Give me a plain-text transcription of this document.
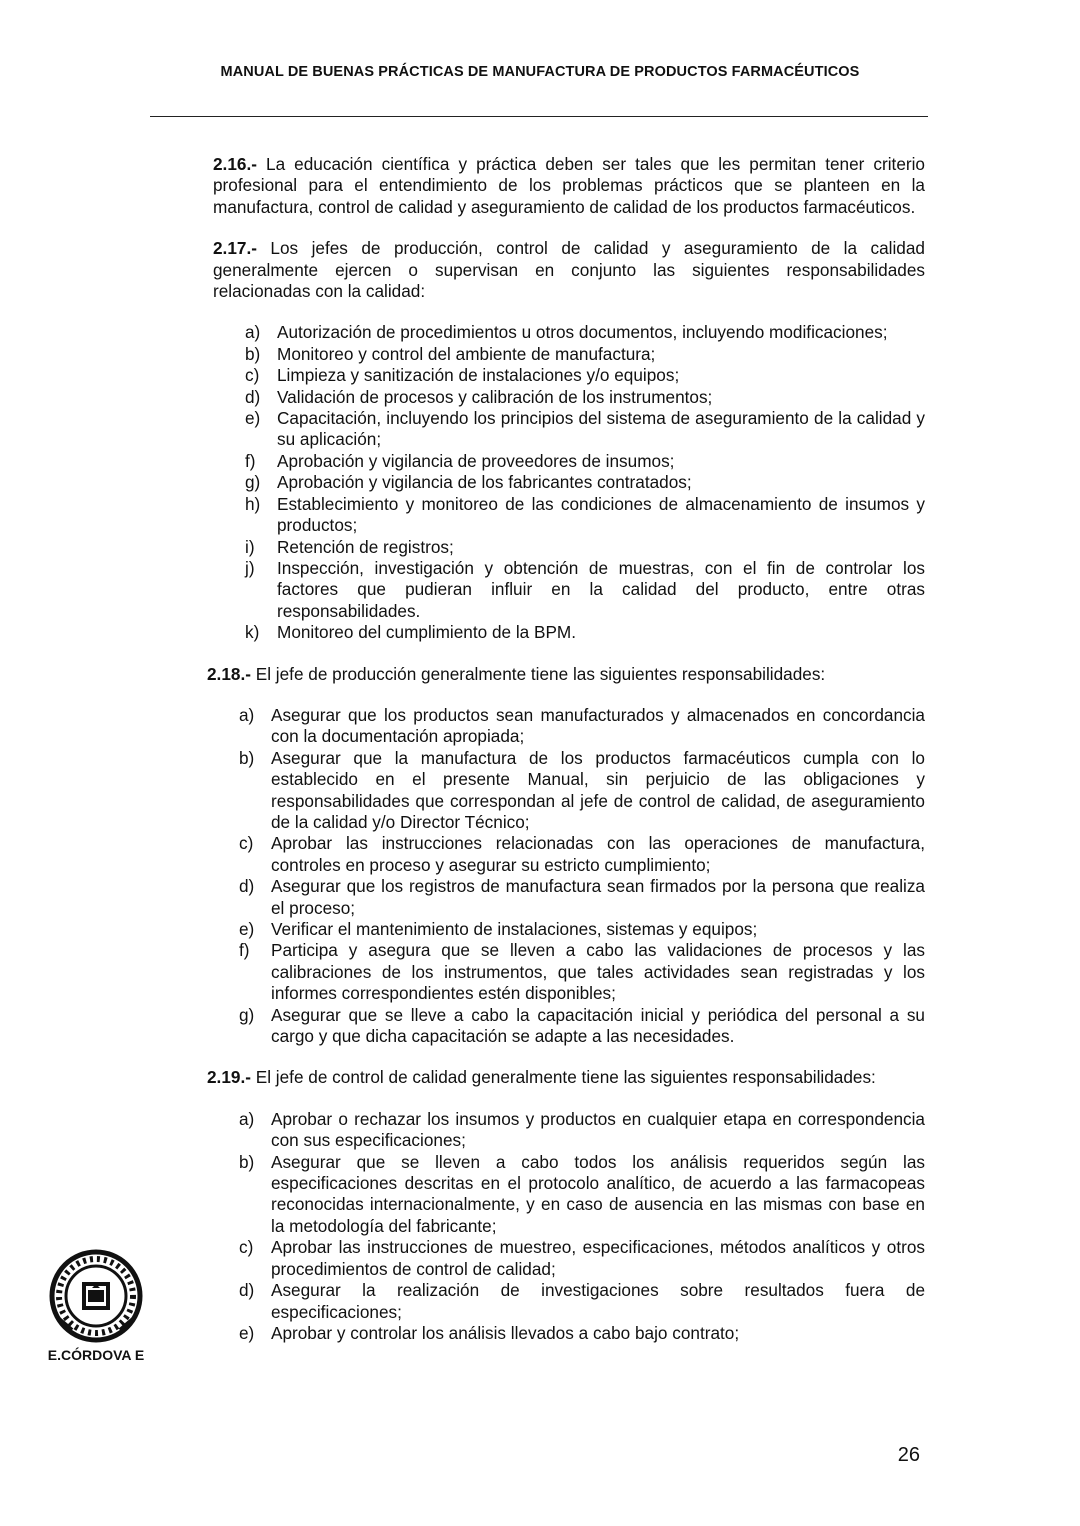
MANUAL DE BUENAS PRÁCTICAS DE MANUFACTURA DE PRODUCTOS FARMACÉUTICOS

2.16.- La educación científica y práctica deben ser tales que les permitan tener criterio profesional para el entendimiento de los problemas prácticos que se planteen en la manufactura, control de calidad y aseguramiento de calidad de los productos farmacéuticos.

2.17.- Los jefes de producción, control de calidad y aseguramiento de la calidad generalmente ejercen o supervisan en conjunto las siguientes responsabilidades relacionadas con la calidad:

a) Autorización de procedimientos u otros documentos, incluyendo modificaciones;
b) Monitoreo y control del ambiente de manufactura;
c) Limpieza y sanitización de instalaciones y/o equipos;
d) Validación de procesos y calibración de los instrumentos;
e) Capacitación, incluyendo los principios del sistema de aseguramiento de la calidad y su aplicación;
f) Aprobación y vigilancia de proveedores de insumos;
g) Aprobación y vigilancia de los fabricantes contratados;
h) Establecimiento y monitoreo de las condiciones de almacenamiento de insumos y productos;
i) Retención de registros;
j) Inspección, investigación y obtención de muestras, con el fin de controlar los factores que pudieran influir en la calidad del producto, entre otras responsabilidades.
k) Monitoreo del cumplimiento de la BPM.

2.18.- El jefe de producción generalmente tiene las siguientes responsabilidades:

a) Asegurar que los productos sean manufacturados y almacenados en concordancia con la documentación apropiada;
b) Asegurar que la manufactura de los productos farmacéuticos cumpla con lo establecido en el presente Manual, sin perjuicio de las obligaciones y responsabilidades que correspondan al jefe de control de calidad, de aseguramiento de la calidad y/o Director Técnico;
c) Aprobar las instrucciones relacionadas con las operaciones de manufactura, controles en proceso y asegurar su estricto cumplimiento;
d) Asegurar que los registros de manufactura sean firmados por la persona que realiza el proceso;
e) Verificar el mantenimiento de instalaciones, sistemas y equipos;
f) Participa y asegura que se lleven a cabo las validaciones de procesos y las calibraciones de los instrumentos, que tales actividades sean registradas y los informes correspondientes estén disponibles;
g) Asegurar que se lleve a cabo la capacitación inicial y periódica del personal a su cargo y que dicha capacitación se adapte a las necesidades.

2.19.- El jefe de control de calidad generalmente tiene las siguientes responsabilidades:

a) Aprobar o rechazar los insumos y productos en cualquier etapa en correspondencia con sus especificaciones;
b) Asegurar que se lleven a cabo todos los análisis requeridos según las especificaciones descritas en el protocolo analítico, de acuerdo a las farmacopeas reconocidas internacionalmente, y en caso de ausencia en las mismas con base en la metodología del fabricante;
c) Aprobar las instrucciones de muestreo, especificaciones, métodos analíticos y otros procedimientos de control de calidad;
d) Asegurar la realización de investigaciones sobre resultados fuera de especificaciones;
e) Aprobar y controlar los análisis llevados a cabo bajo contrato;
E.CÓRDOVA E
26
